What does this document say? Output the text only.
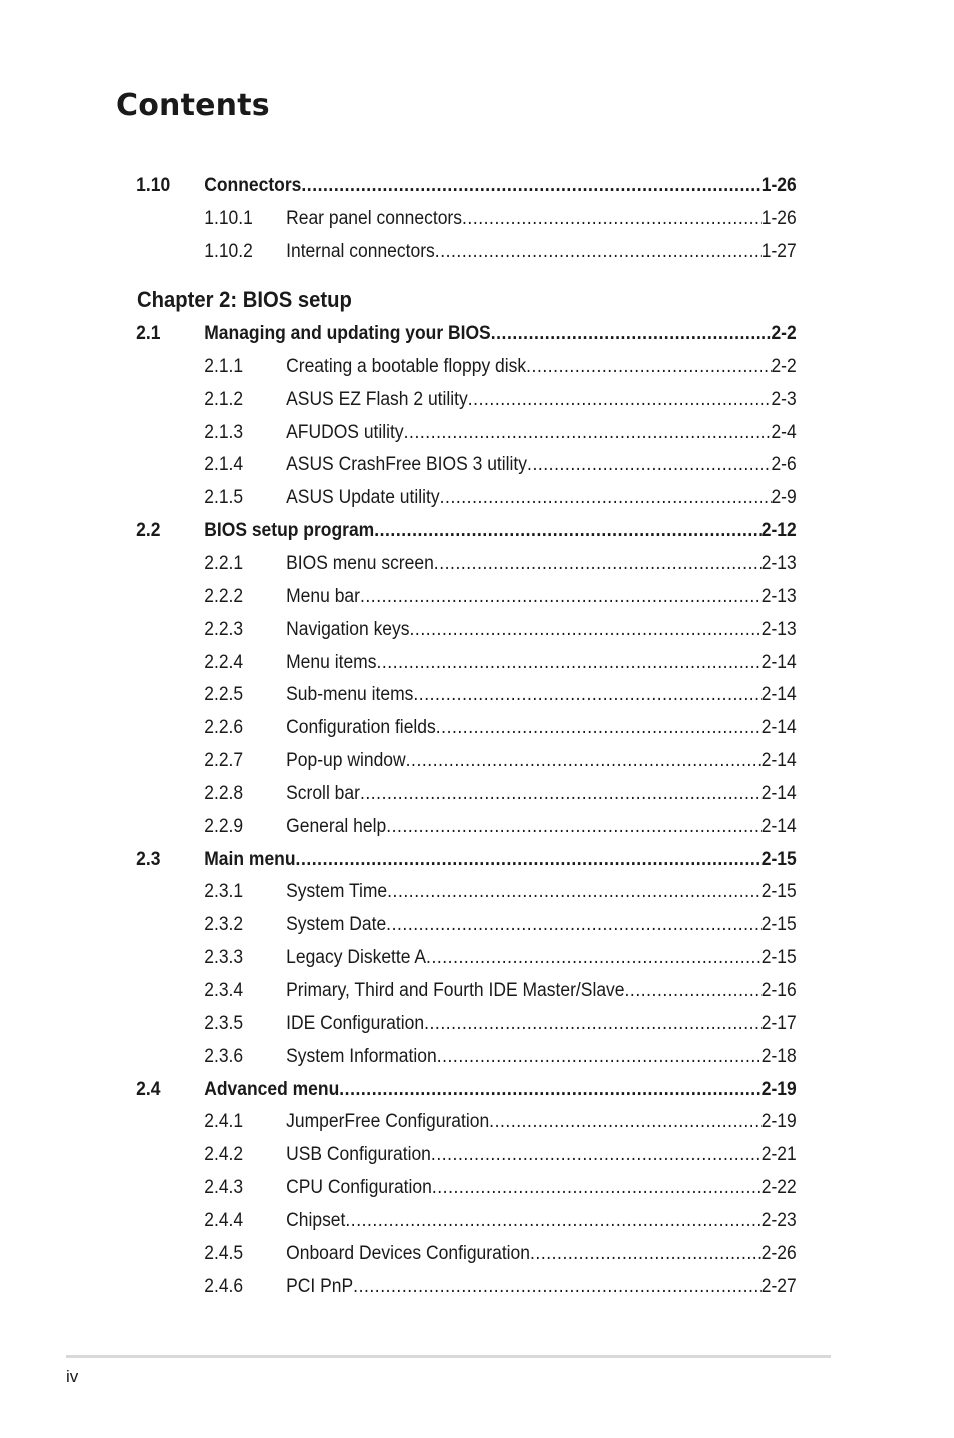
Contents
1.10 Connectors .....	1-26
1.10.1 Rear panel connectors .....	1-26
1.10.2 Internal connectors .....	1-27
Chapter 2: BIOS setup
2.1 Managing and updating your BIOS .....	2-2
2.1.1 Creating a bootable floppy disk .....	2-2
2.1.2 ASUS EZ Flash 2 utility .....	2-3
2.1.3 AFUDOS utility .....	2-4
2.1.4 ASUS CrashFree BIOS 3 utility .....	2-6
2.1.5 ASUS Update utility .....	2-9
2.2 BIOS setup program .....	2-12
2.2.1 BIOS menu screen .....	2-13
2.2.2 Menu bar .....	2-13
2.2.3 Navigation keys .....	2-13
2.2.4 Menu items .....	2-14
2.2.5 Sub-menu items .....	2-14
2.2.6 Configuration fields .....	2-14
2.2.7 Pop-up window .....	2-14
2.2.8 Scroll bar .....	2-14
2.2.9 General help .....	2-14
2.3 Main menu .....	2-15
2.3.1 System Time .....	2-15
2.3.2 System Date .....	2-15
2.3.3 Legacy Diskette A .....	2-15
2.3.4 Primary, Third and Fourth IDE Master/Slave .....	2-16
2.3.5 IDE Configuration .....	2-17
2.3.6 System Information .....	2-18
2.4 Advanced menu .....	2-19
2.4.1 JumperFree Configuration .....	2-19
2.4.2 USB Configuration .....	2-21
2.4.3 CPU Configuration .....	2-22
2.4.4 Chipset .....	2-23
2.4.5 Onboard Devices Configuration .....	2-26
2.4.6 PCI PnP .....	2-27
iv
